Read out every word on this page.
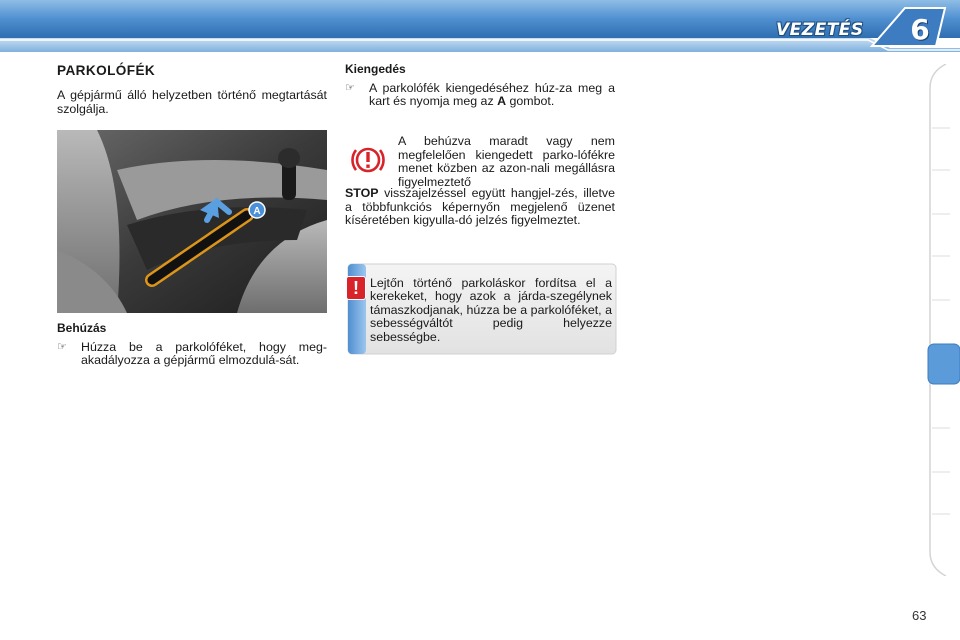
VEZETÉS	6
PARKOLÓFÉK
A gépjármű álló helyzetben történő megtartását szolgálja.
A
Behúzás
☞	Húzza be a parkolóféket, hogy meg-akadályozza a gépjármű elmozdulá-sát.
Kiengedés
☞	A parkolófék kiengedéséhez húz-za meg a kart és nyomja meg az A gombot.
A behúzva maradt vagy nem megfelelően kiengedett parko-lófékre menet közben az azon-nali megállásra figyelmeztető
STOP visszajelzéssel együtt hangjel-zés, illetve a többfunkciós képernyőn megjelenő üzenet kíséretében kigyulla-dó jelzés figyelmeztet.
! Lejtőn történő parkoláskor fordítsa el a kerekeket, hogy azok a járda-szegélynek támaszkodjanak, húzza be a parkolóféket, a sebességváltót pedig helyezze sebességbe.
63
